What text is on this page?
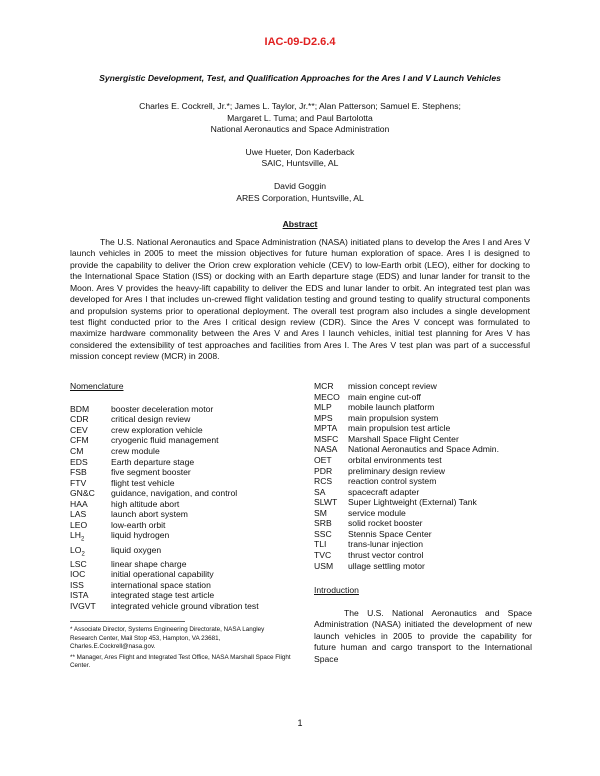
IAC-09-D2.6.4
Synergistic Development, Test, and Qualification Approaches for the Ares I and V Launch Vehicles
Charles E. Cockrell, Jr.*; James L. Taylor, Jr.**; Alan Patterson; Samuel E. Stephens;
Margaret L. Tuma; and Paul Bartolotta
National Aeronautics and Space Administration
Uwe Hueter, Don Kaderback
SAIC, Huntsville, AL
David Goggin
ARES Corporation, Huntsville, AL
Abstract
The U.S. National Aeronautics and Space Administration (NASA) initiated plans to develop the Ares I and Ares V launch vehicles in 2005 to meet the mission objectives for future human exploration of space. Ares I is designed to provide the capability to deliver the Orion crew exploration vehicle (CEV) to low-Earth orbit (LEO), either for docking to the International Space Station (ISS) or docking with an Earth departure stage (EDS) and lunar lander for transit to the Moon. Ares V provides the heavy-lift capability to deliver the EDS and lunar lander to orbit. An integrated test plan was developed for Ares I that includes un-crewed flight validation testing and ground testing to qualify structural components and propulsion systems prior to operational deployment. The overall test program also includes a single development test flight conducted prior to the Ares I critical design review (CDR). Since the Ares V concept was formulated to maximize hardware commonality between the Ares V and Ares I launch vehicles, initial test planning for Ares V has considered the extensibility of test approaches and facilities from Ares I. The Ares V test plan was part of a successful mission concept review (MCR) in 2008.
Nomenclature
BDM	booster deceleration motor
CDR	critical design review
CEV	crew exploration vehicle
CFM	cryogenic fluid management
CM	crew module
EDS	Earth departure stage
FSB	five segment booster
FTV	flight test vehicle
GN&C	guidance, navigation, and control
HAA	high altitude abort
LAS	launch abort system
LEO	low-earth orbit
$LH_2$	liquid hydrogen
$LO_2$	liquid oxygen
LSC	linear shape charge
IOC	initial operational capability
ISS	international space station
ISTA	integrated stage test article
IVGVT	integrated vehicle ground vibration test
* Associate Director, Systems Engineering Directorate, NASA Langley Research Center, Mail Stop 453, Hampton, VA 23681, Charles.E.Cockrell@nasa.gov.
** Manager, Ares Flight and Integrated Test Office, NASA Marshall Space Flight Center.
MCR	mission concept review
MECO main engine cut-off
MLP	mobile launch platform
MPS	main propulsion system
MPTA	main propulsion test article
MSFC	Marshall Space Flight Center
NASA	National Aeronautics and Space Admin.
OET	orbital environments test
PDR	preliminary design review
RCS	reaction control system
SA	spacecraft adapter
SLWT	Super Lightweight (External) Tank
SM	service module
SRB	solid rocket booster
SSC	Stennis Space Center
TLI	trans-lunar injection
TVC	thrust vector control
USM	ullage settling motor
Introduction
The U.S. National Aeronautics and Space Administration (NASA) initiated the development of new launch vehicles in 2005 to provide the capability for future human and cargo transport to the International Space
1
